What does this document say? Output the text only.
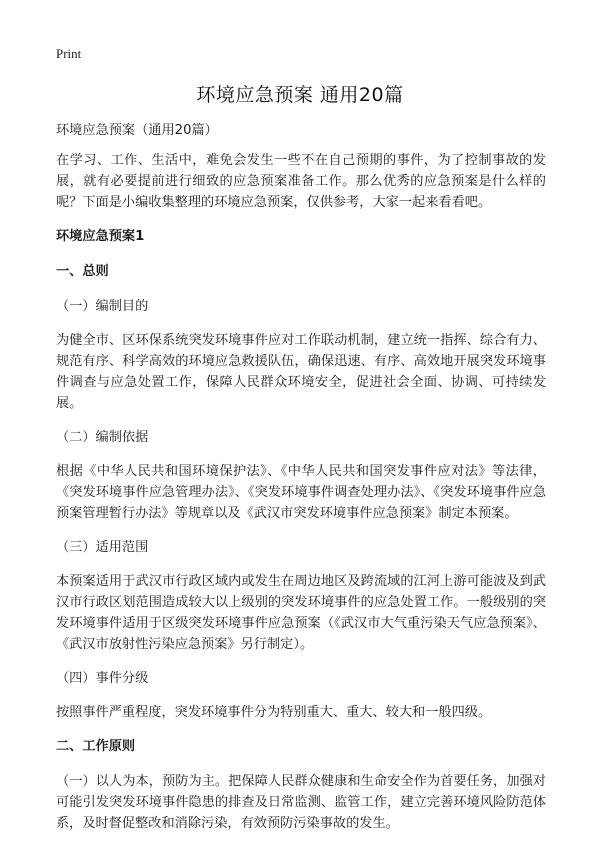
Print
环境应急预案 通用20篇

环境应急预案（通用20篇）

在学习、工作、生活中，难免会发生一些不在自己预期的事件，为了控制事故的发展，就有必要提前进行细致的应急预案准备工作。那么优秀的应急预案是什么样的呢？下面是小编收集整理的环境应急预案，仅供参考，大家一起来看看吧。

环境应急预案1

一、总则

（一）编制目的

为健全市、区环保系统突发环境事件应对工作联动机制，建立统一指挥、综合有力、规范有序、科学高效的环境应急救援队伍，确保迅速、有序、高效地开展突发环境事件调查与应急处置工作，保障人民群众环境安全，促进社会全面、协调、可持续发展。

（二）编制依据

根据《中华人民共和国环境保护法》、《中华人民共和国突发事件应对法》等法律，《突发环境事件应急管理办法》、《突发环境事件调查处理办法》、《突发环境事件应急预案管理暂行办法》等规章以及《武汉市突发环境事件应急预案》制定本预案。

（三）适用范围

本预案适用于武汉市行政区域内或发生在周边地区及跨流域的江河上游可能波及到武汉市行政区划范围造成较大以上级别的突发环境事件的应急处置工作。一般级别的突发环境事件适用于区级突发环境事件应急预案（《武汉市大气重污染天气应急预案》、《武汉市放射性污染应急预案》另行制定）。

（四）事件分级

按照事件严重程度，突发环境事件分为特别重大、重大、较大和一般四级。

二、工作原则

（一）以人为本，预防为主。把保障人民群众健康和生命安全作为首要任务，加强对可能引发突发环境事件隐患的排查及日常监测、监管工作，建立完善环境风险防范体系，及时督促整改和消除污染，有效预防污染事故的发生。
